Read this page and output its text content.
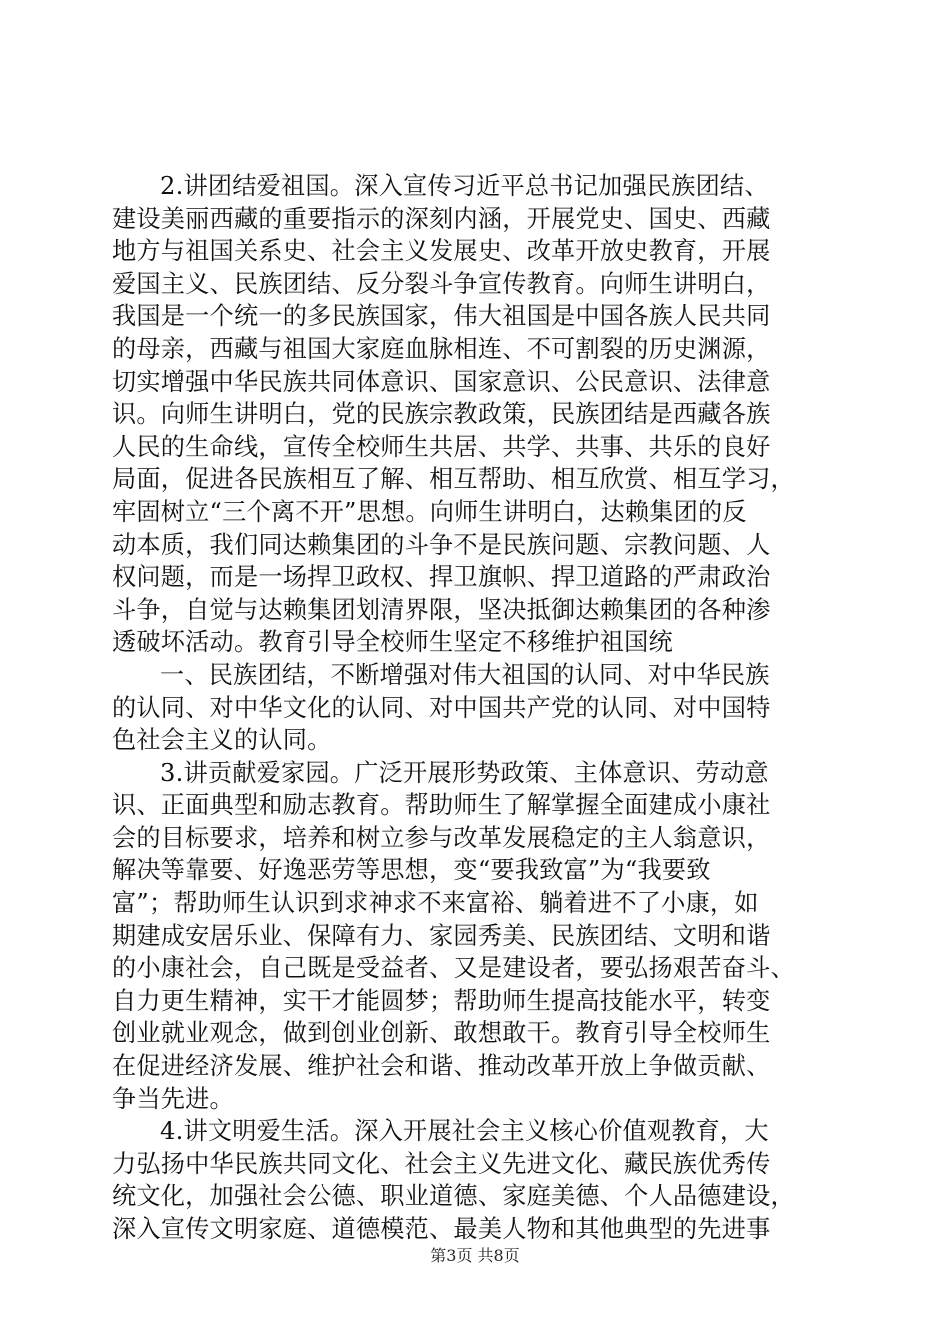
2.讲团结爱祖国。深入宣传习近平总书记加强民族团结、
建设美丽西藏的重要指示的深刻内涵，开展党史、国史、西藏
地方与祖国关系史、社会主义发展史、改革开放史教育，开展
爱国主义、民族团结、反分裂斗争宣传教育。向师生讲明白，
我国是一个统一的多民族国家，伟大祖国是中国各族人民共同
的母亲，西藏与祖国大家庭血脉相连、不可割裂的历史渊源，
切实增强中华民族共同体意识、国家意识、公民意识、法律意
识。向师生讲明白，党的民族宗教政策，民族团结是西藏各族
人民的生命线，宣传全校师生共居、共学、共事、共乐的良好
局面，促进各民族相互了解、相互帮助、相互欣赏、相互学习，
牢固树立“三个离不开”思想。向师生讲明白，达赖集团的反
动本质，我们同达赖集团的斗争不是民族问题、宗教问题、人
权问题，而是一场捍卫政权、捍卫旗帜、捍卫道路的严肃政治
斗争，自觉与达赖集团划清界限，坚决抵御达赖集团的各种渗
透破坏活动。教育引导全校师生坚定不移维护祖国统
一、民族团结，不断增强对伟大祖国的认同、对中华民族
的认同、对中华文化的认同、对中国共产党的认同、对中国特
色社会主义的认同。
3.讲贡献爱家园。广泛开展形势政策、主体意识、劳动意
识、正面典型和励志教育。帮助师生了解掌握全面建成小康社
会的目标要求，培养和树立参与改革发展稳定的主人翁意识，
解决等靠要、好逸恶劳等思想，变“要我致富”为“我要致
富”；帮助师生认识到求神求不来富裕、躺着进不了小康，如
期建成安居乐业、保障有力、家园秀美、民族团结、文明和谐
的小康社会，自己既是受益者、又是建设者，要弘扬艰苦奋斗、
自力更生精神，实干才能圆梦；帮助师生提高技能水平，转变
创业就业观念，做到创业创新、敢想敢干。教育引导全校师生
在促进经济发展、维护社会和谐、推动改革开放上争做贡献、
争当先进。
4.讲文明爱生活。深入开展社会主义核心价值观教育，大
力弘扬中华民族共同文化、社会主义先进文化、藏民族优秀传
统文化，加强社会公德、职业道德、家庭美德、个人品德建设，
深入宣传文明家庭、道德模范、最美人物和其他典型的先进事
第3页 共8页
